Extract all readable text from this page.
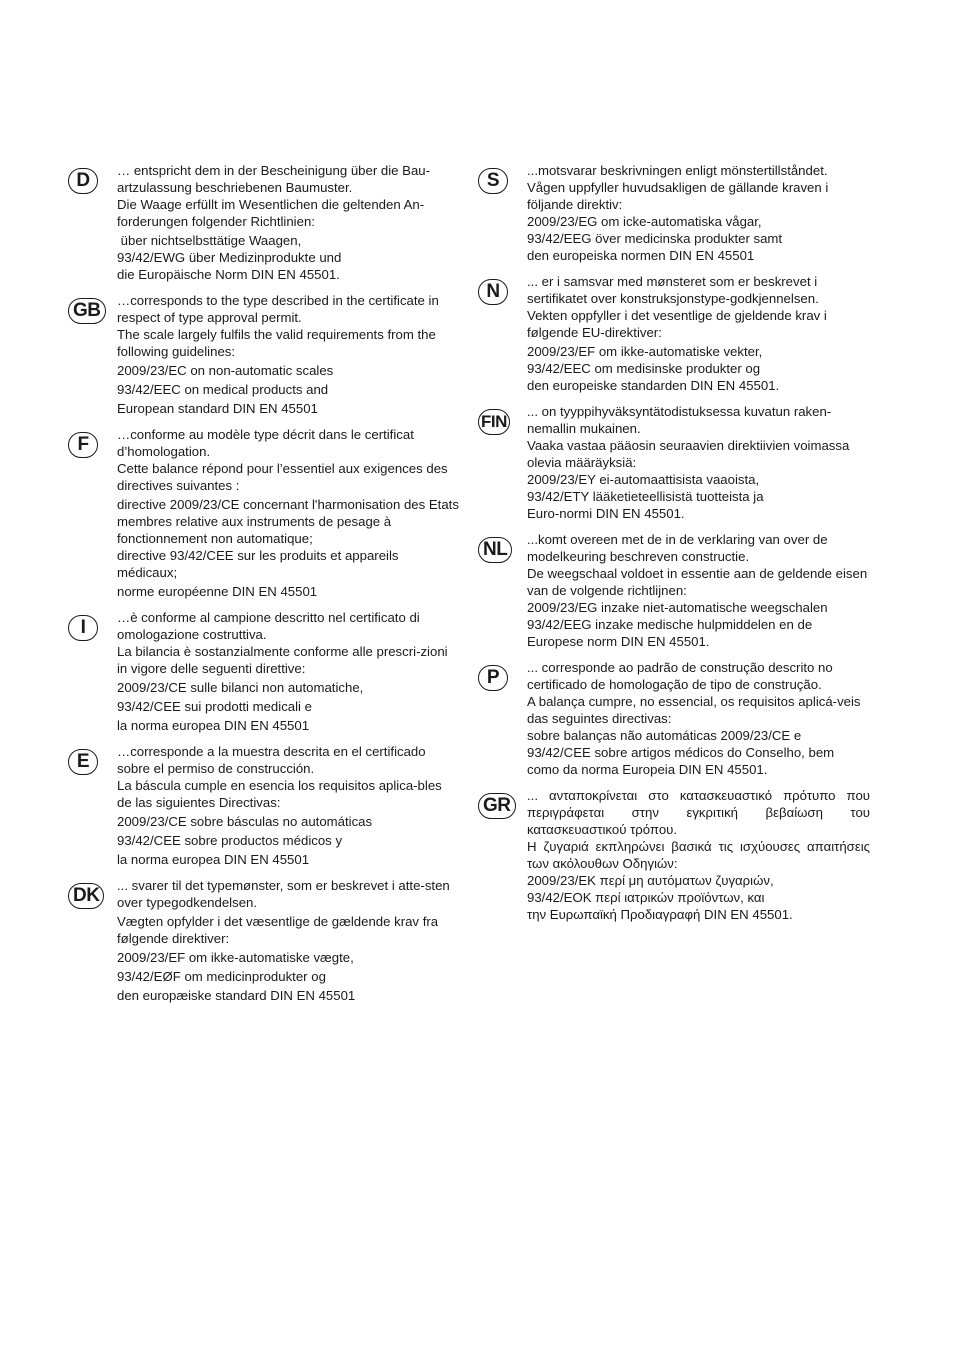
D	… entspricht dem in der Bescheinigung über die Bau-artzulassung beschriebenen Baumuster.

Die Waage erfüllt im Wesentlichen die geltenden An-forderungen folgender Richtlinien:

über nichtselbsttätige Waagen,

93/42/EWG über Medizinprodukte und

die Europäische Norm DIN EN 45501.

GB	…corresponds to the type described in the certificate in respect of type approval permit.

The scale largely fulfils the valid requirements from the following guidelines:

2009/23/EC on non-automatic scales

93/42/EEC on medical products and

European standard DIN EN 45501

F	…conforme au modèle type décrit dans le certificat d’homologation.

Cette balance répond pour l’essentiel aux exigences des directives suivantes :

directive 2009/23/CE concernant l'harmonisation des Etats membres relative aux instruments de pesage à fonctionnement non automatique;

directive 93/42/CEE sur les produits et appareils médicaux;

norme européenne DIN EN 45501

I	…è conforme al campione descritto nel certificato di omologazione costruttiva.

La bilancia è sostanzialmente conforme alle prescri-zioni in vigore delle seguenti direttive:

2009/23/CE sulle bilanci non automatiche,

93/42/CEE sui prodotti medicali e

la norma europea DIN EN 45501

E	…corresponde a la muestra descrita en el certificado sobre el permiso de construcción.

La báscula cumple en esencia los requisitos aplica-bles de las siguientes Directivas:

2009/23/CE sobre básculas no automáticas

93/42/CEE sobre productos médicos y

la norma europea DIN EN 45501

DK	... svarer til det typemønster, som er beskrevet i atte-sten over typegodkendelsen.

Vægten opfylder i det væsentlige de gældende krav fra følgende direktiver:

2009/23/EF om ikke-automatiske vægte,

93/42/EØF om medicinprodukter og

den europæiske standard DIN EN 45501

S	...motsvarar beskrivningen enligt mönstertillståndet.

Vågen uppfyller huvudsakligen de gällande kraven i följande direktiv:

2009/23/EG om icke-automatiska vågar,

93/42/EEG över medicinska produkter samt

den europeiska normen DIN EN 45501

N	... er i samsvar med mønsteret som er beskrevet i sertifikatet over konstruksjonstype-godkjennelsen.

Vekten oppfyller i det vesentlige de gjeldende krav i følgende EU-direktiver:

2009/23/EF om ikke-automatiske vekter,

93/42/EEC om medisinske produkter og

den europeiske standarden DIN EN 45501.

FIN

... on tyyppihyväksyntätodistuksessa kuvatun raken-nemallin mukainen.

Vaaka vastaa pääosin seuraavien direktiivien voimassa olevia määräyksiä:

2009/23/EY ei-automaattisista vaaoista,

93/42/ETY lääketieteellisistä tuotteista ja

Euro-normi DIN EN 45501.

NL	...komt overeen met de in de verklaring van over de modelkeuring beschreven constructie.

De weegschaal voldoet in essentie aan de geldende eisen van de volgende richtlijnen:

2009/23/EG inzake niet-automatische weegschalen

93/42/EEG inzake medische hulpmiddelen en de

Europese norm DIN EN 45501.

P	... corresponde ao padrão de construção descrito no certificado de homologação de tipo de construção.

A balança cumpre, no essencial, os requisitos aplicá-veis das seguintes directivas:

sobre balanças não automáticas 2009/23/CE e

93/42/CEE sobre artigos médicos do Conselho, bem como da norma Europeia DIN EN 45501.

GR	... ανταποκρίνεται στο κατασκευαστικό πρότυπο που περιγράφεται στην εγκριτική βεβαίωση του κατασκευαστικού τρόπου.

Η ζυγαριά εκπληρώνει βασικά τις ισχύουσες απαιτήσεις των ακόλουθων Οδηγιών:

2009/23/ΕΚ περί μη αυτόματων ζυγαριών,

93/42/ΕΟΚ περί ιατρικών προϊόντων, και

την Ευρωπαϊκή Προδιαγραφή DIN EN 45501.
